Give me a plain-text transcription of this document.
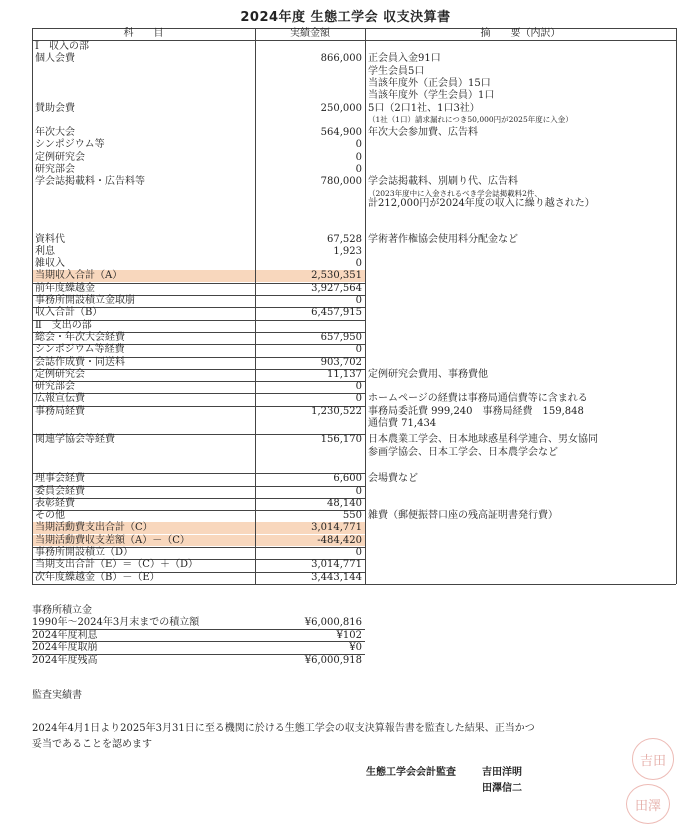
2024年度 生態工学会 収支決算書
科　　目	実績金額	摘　　要（内訳）
Ⅰ　収入の部
個人会費	866,000 正会員入金91口
学生会員5口
当該年度外（正会員）15口
当該年度外（学生会員）1口
賛助会費	250,000 5口（2口1社、1口3社）
（1社（1口）請求漏れにつき50,000円が2025年度に入金）
年次大会	564,900 年次大会参加費、広告料
シンポジウム等	0
定例研究会	0
研究部会	0
学会誌掲載料・広告料等	780,000 学会誌掲載料、別刷り代、広告料
（2023年度中に入金されるべき学会誌掲載料2件、
計212,000円が2024年度の収入に繰り越された）
資料代	67,528 学術著作権協会使用料分配金など
利息	1,923
雑収入	0
当期収入合計（A）	2,530,351
前年度繰越金	3,927,564
事務所開設積立金取崩	0
収入合計（B）	6,457,915
Ⅱ　支出の部
総会・年次大会経費	657,950
シンポジウム等経費	0
会誌作成費・同送料	903,702
定例研究会	11,137 定例研究会費用、事務費他
研究部会	0
広報宣伝費	0 ホームページの経費は事務局通信費等に含まれる
事務局経費	1,230,522 事務局委託費 999,240　事務局経費　159,848
通信費 71,434
関連学協会等経費	156,170 日本農業工学会、日本地球惑星科学連合、男女協同
参画学協会、日本工学会、日本農学会など
理事会経費	6,600 会場費など
委員会経費	0
表彰経費	48,140
その他	550 雑費（郵便振替口座の残高証明書発行費）
当期活動費支出合計（C）	3,014,771
当期活動費収支差額（A）－（C）	-484,420
事務所開設積立（D）	0
当期支出合計（E）＝（C）＋（D）	3,014,771
次年度繰越金（B）－（E）	3,443,144
事務所積立金
1990年～2024年3月末までの積立額	¥6,000,816
2024年度利息	¥102
2024年度取崩	¥0
2024年度残高	¥6,000,918
監査実績書
2024年4月1日より2025年3月31日に至る機関に於ける生態工学会の収支決算報告書を監査した結果、正当かつ
妥当であることを認めます
生態工学会会計監査	吉田洋明
田澤信二
吉田
田澤
